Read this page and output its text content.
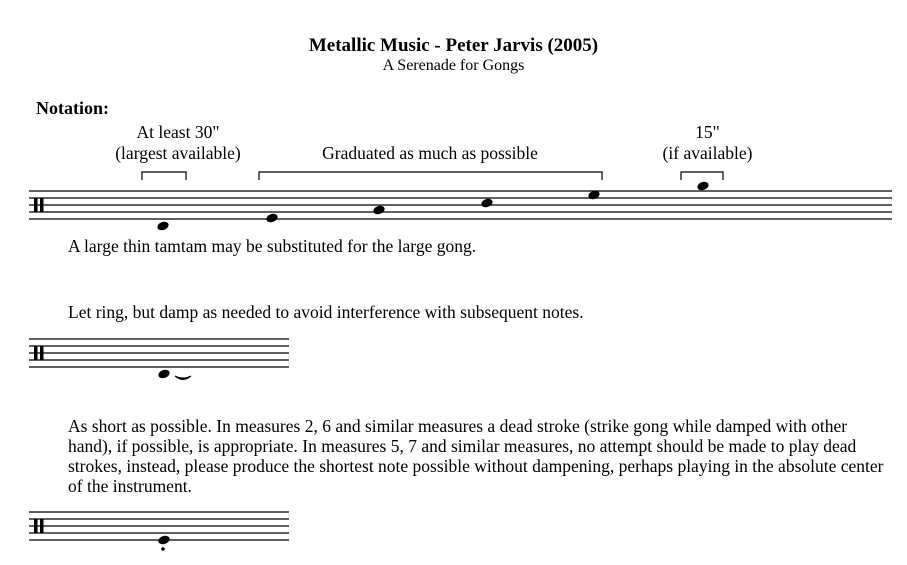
Metallic Music - Peter Jarvis (2005)
A Serenade for Gongs
Notation:
At least 30"
(largest available)	Graduated as much as possible
15"
(if available)
A large thin tamtam may be substituted for the large gong.
Let ring, but damp as needed to avoid interference with subsequent notes.
As short as possible. In measures 2, 6 and similar measures a dead stroke (strike gong while damped with other hand), if possible, is appropriate. In measures 5, 7 and similar measures, no attempt should be made to play dead strokes, instead, please produce the shortest note possible without dampening, perhaps playing in the absolute center of the instrument.
